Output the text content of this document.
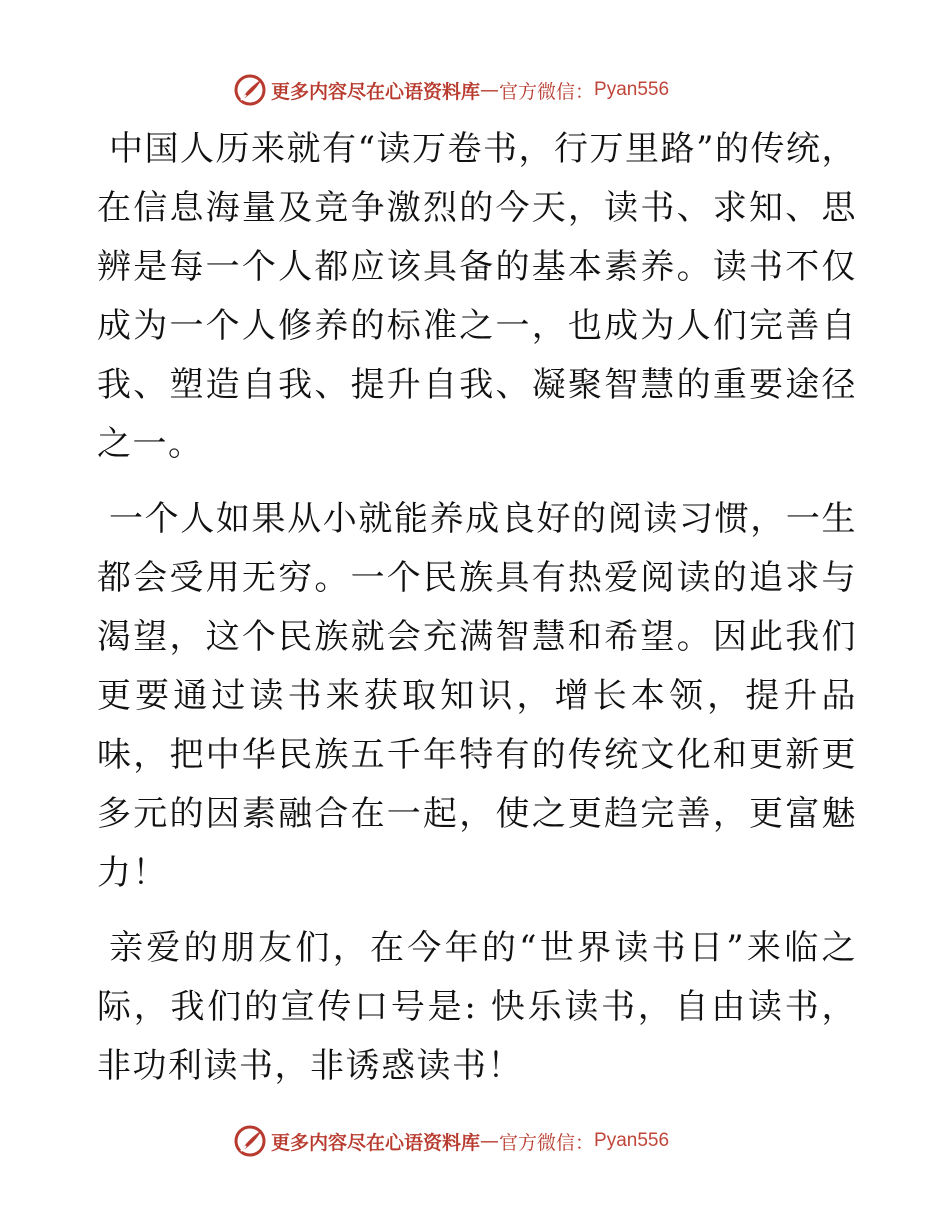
更多内容尽在心语资料库 — 官方微信： Pyan556

中国人历来就有“读万卷书，行万里路”的传统，在信息海量及竞争激烈的今天，读书、求知、思辨是每一个人都应该具备的基本素养。读书不仅成为一个人修养的标准之一，也成为人们完善自我、塑造自我、提升自我、凝聚智慧的重要途径之一。

一个人如果从小就能养成良好的阅读习惯，一生都会受用无穷。一个民族具有热爱阅读的追求与渴望，这个民族就会充满智慧和希望。因此我们更要通过读书来获取知识，增长本领，提升品味，把中华民族五千年特有的传统文化和更新更多元的因素融合在一起，使之更趋完善，更富魅力！

亲爱的朋友们，在今年的“世界读书日”来临之际，我们的宣传口号是: 快乐读书，自由读书，非功利读书，非诱惑读书！

更多内容尽在心语资料库 — 官方微信： Pyan556
